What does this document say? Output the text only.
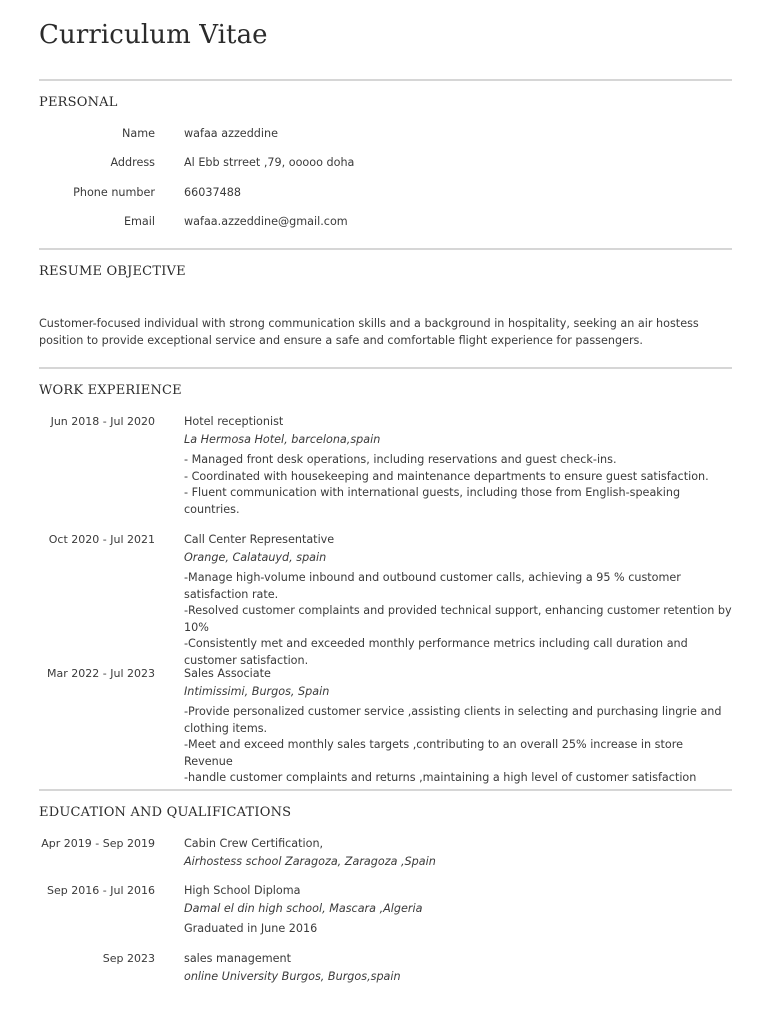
Curriculum Vitae
PERSONAL
Name	wafaa azzeddine
Address	Al Ebb strreet ,79, ooooo doha
Phone number	66037488
Email	wafaa.azzeddine@gmail.com
RESUME OBJECTIVE
Customer-focused individual with strong communication skills and a background in hospitality, seeking an air hostess position to provide exceptional service and ensure a safe and comfortable flight experience for passengers.
WORK EXPERIENCE
Jun 2018 - Jul 2020	Hotel receptionist
La Hermosa Hotel, barcelona,spain
- Managed front desk operations, including reservations and guest check-ins.
- Coordinated with housekeeping and maintenance departments to ensure guest satisfaction.
- Fluent communication with international guests, including those from English-speaking countries.
Oct 2020 - Jul 2021	Call Center Representative
Orange, Calatauyd, spain
-Manage high-volume inbound and outbound customer calls, achieving a 95 % customer satisfaction rate.
-Resolved customer complaints and provided technical support, enhancing customer retention by 10%
-Consistently met and exceeded monthly performance metrics including call duration and customer satisfaction.
Mar 2022 - Jul 2023	Sales Associate
Intimissimi, Burgos, Spain
-Provide personalized customer service ,assisting clients in selecting and purchasing lingrie and clothing items.
-Meet and exceed monthly sales targets ,contributing to an overall 25% increase in store Revenue
-handle customer complaints and returns ,maintaining a high level of customer satisfaction
EDUCATION AND QUALIFICATIONS
Apr 2019 - Sep 2019	Cabin Crew Certification,
Airhostess school Zaragoza, Zaragoza ,Spain
Sep 2016 - Jul 2016	High School Diploma
Damal el din high school, Mascara ,Algeria
Graduated in June 2016
Sep 2023	sales management
online University Burgos, Burgos,spain
